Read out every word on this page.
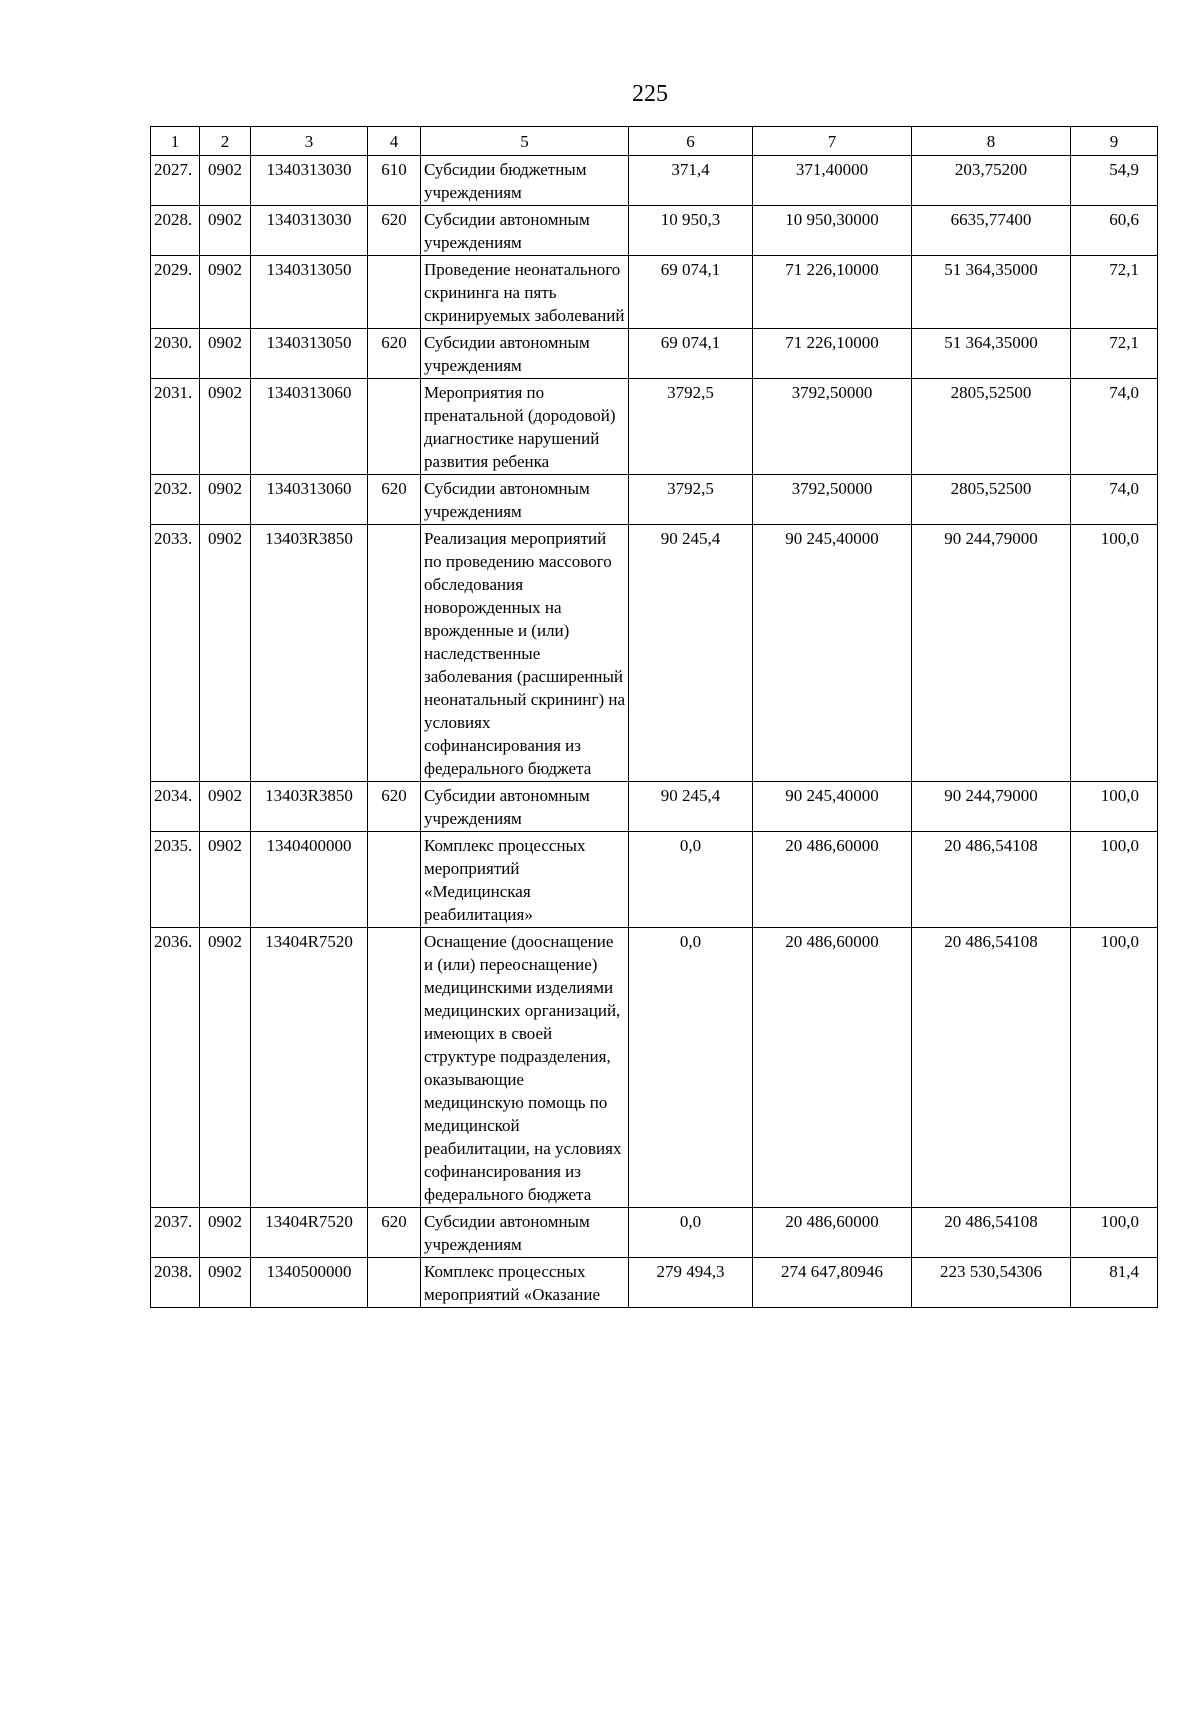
225
1	2	3	4	5	6	7	8	9
2027.	0902	1340313030	610	Субсидии бюджетным учреждениям	371,4	371,40000	203,75200	54,9
2028.	0902	1340313030	620	Субсидии автономным учреждениям	10 950,3	10 950,30000	6635,77400	60,6
2029.	0902	1340313050		Проведение неонатального скрининга на пять скринируемых заболеваний	69 074,1	71 226,10000	51 364,35000	72,1
2030.	0902	1340313050	620	Субсидии автономным учреждениям	69 074,1	71 226,10000	51 364,35000	72,1
2031.	0902	1340313060		Мероприятия по пренатальной (дородовой) диагностике нарушений развития ребенка	3792,5	3792,50000	2805,52500	74,0
2032.	0902	1340313060	620	Субсидии автономным учреждениям	3792,5	3792,50000	2805,52500	74,0
2033.	0902	13403R3850		Реализация мероприятий по проведению массового обследования новорожденных на врожденные и (или) наследственные заболевания (расширенный неонатальный скрининг) на условиях софинансирования из федерального бюджета	90 245,4	90 245,40000	90 244,79000	100,0
2034.	0902	13403R3850	620	Субсидии автономным учреждениям	90 245,4	90 245,40000	90 244,79000	100,0
2035.	0902	1340400000		Комплекс процессных мероприятий «Медицинская реабилитация»	0,0	20 486,60000	20 486,54108	100,0
2036.	0902	13404R7520		Оснащение (дооснащение и (или) переоснащение) медицинскими изделиями медицинских организаций, имеющих в своей структуре подразделения, оказывающие медицинскую помощь по медицинской реабилитации, на условиях софинансирования из федерального бюджета	0,0	20 486,60000	20 486,54108	100,0
2037.	0902	13404R7520	620	Субсидии автономным учреждениям	0,0	20 486,60000	20 486,54108	100,0
2038.	0902	1340500000		Комплекс процессных мероприятий «Оказание	279 494,3	274 647,80946	223 530,54306	81,4
